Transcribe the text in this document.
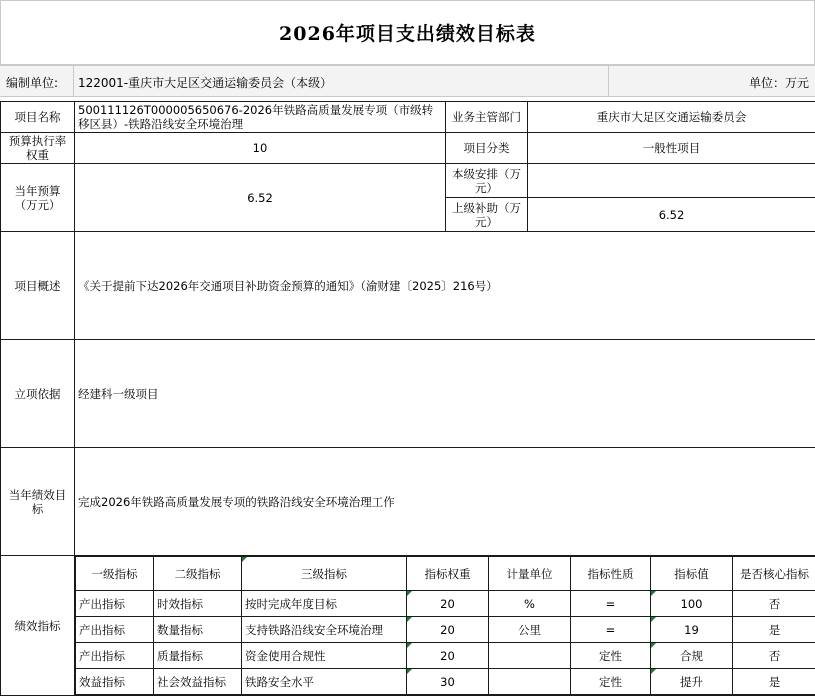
2026年项目支出绩效目标表
编制单位: 122001-重庆市大足区交通运输委员会（本级）	单位：万元
项目名称	500111126T000005650676-2026年铁路高质量发展专项（市级转移区县）-铁路沿线安全环境治理	业务主管部门	重庆市大足区交通运输委员会
预算执行率权重	10	项目分类	一般性项目
当年预算（万元）	6.52	本级安排（万元）	
上级补助（万元）	6.52
项目概述	《关于提前下达2026年交通项目补助资金预算的通知》（渝财建〔2025〕216号）
立项依据	经建科一级项目
当年绩效目标	完成2026年铁路高质量发展专项的铁路沿线安全环境治理工作
绩效指标	
一级指标	二级指标	三级指标	指标权重	计量单位	指标性质	指标值	是否核心指标
产出指标	时效指标	按时完成年度目标	20	%	=	100	否
产出指标	数量指标	支持铁路沿线安全环境治理	20	公里	=	19	是
产出指标	质量指标	资金使用合规性	20		定性	合规	否
效益指标	社会效益指标	铁路安全水平	30		定性	提升	是
